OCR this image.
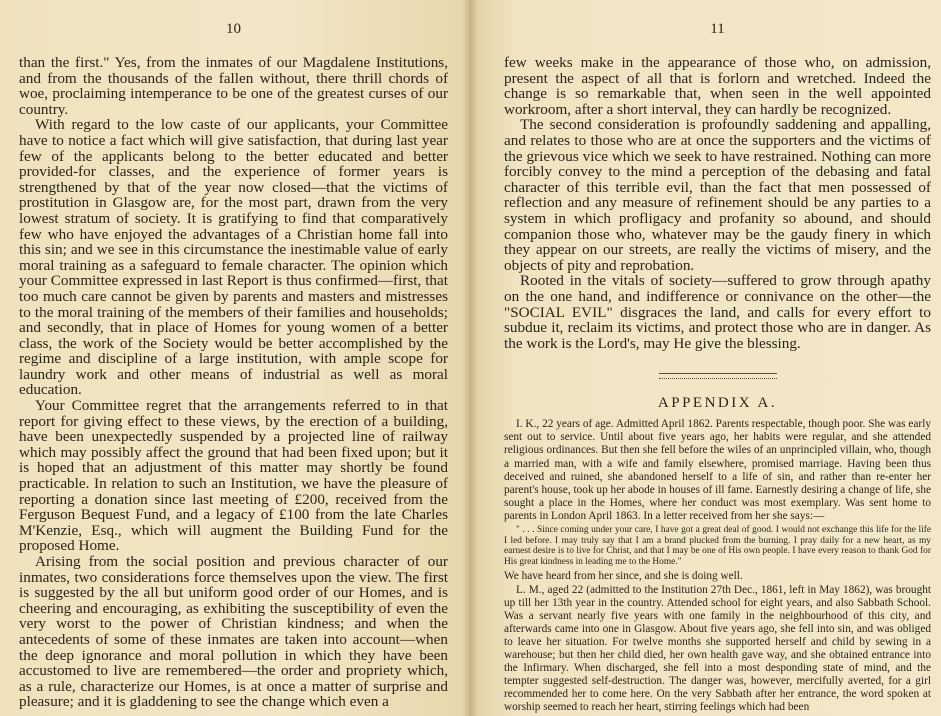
10

than the first." Yes, from the inmates of our Magdalene Institutions, and from the thousands of the fallen without, there thrill chords of woe, proclaiming intemperance to be one of the greatest curses of our country.

With regard to the low caste of our applicants, your Committee have to notice a fact which will give satisfaction, that during last year few of the applicants belong to the better educated and better provided-for classes, and the experience of former years is strengthened by that of the year now closed—that the victims of prostitution in Glasgow are, for the most part, drawn from the very lowest stratum of society. It is gratifying to find that comparatively few who have enjoyed the advantages of a Christian home fall into this sin; and we see in this circumstance the inestimable value of early moral training as a safeguard to female character. The opinion which your Committee expressed in last Report is thus confirmed—first, that too much care cannot be given by parents and masters and mistresses to the moral training of the members of their families and households; and secondly, that in place of Homes for young women of a better class, the work of the Society would be better accomplished by the regime and discipline of a large institution, with ample scope for laundry work and other means of industrial as well as moral education.

Your Committee regret that the arrangements referred to in that report for giving effect to these views, by the erection of a building, have been unexpectedly suspended by a projected line of railway which may possibly affect the ground that had been fixed upon; but it is hoped that an adjustment of this matter may shortly be found practicable. In relation to such an Institution, we have the pleasure of reporting a donation since last meeting of £200, received from the Ferguson Bequest Fund, and a legacy of £100 from the late Charles M'Kenzie, Esq., which will augment the Building Fund for the proposed Home.

Arising from the social position and previous character of our inmates, two considerations force themselves upon the view. The first is suggested by the all but uniform good order of our Homes, and is cheering and encouraging, as exhibiting the susceptibility of even the very worst to the power of Christian kindness; and when the antecedents of some of these inmates are taken into account—when the deep ignorance and moral pollution in which they have been accustomed to live are remembered—the order and propriety which, as a rule, characterize our Homes, is at once a matter of surprise and pleasure; and it is gladdening to see the change which even a

11

few weeks make in the appearance of those who, on admission, present the aspect of all that is forlorn and wretched. Indeed the change is so remarkable that, when seen in the well appointed workroom, after a short interval, they can hardly be recognized.

The second consideration is profoundly saddening and appalling, and relates to those who are at once the supporters and the victims of the grievous vice which we seek to have restrained. Nothing can more forcibly convey to the mind a perception of the debasing and fatal character of this terrible evil, than the fact that men possessed of reflection and any measure of refinement should be any parties to a system in which profligacy and profanity so abound, and should companion those who, whatever may be the gaudy finery in which they appear on our streets, are really the victims of misery, and the objects of pity and reprobation.

Rooted in the vitals of society—suffered to grow through apathy on the one hand, and indifference or connivance on the other—the "SOCIAL EVIL" disgraces the land, and calls for every effort to subdue it, reclaim its victims, and protect those who are in danger. As the work is the Lord's, may He give the blessing.

APPENDIX A.

I. K., 22 years of age. Admitted April 1862. Parents respectable, though poor. She was early sent out to service. Until about five years ago, her habits were regular, and she attended religious ordinances. But then she fell before the wiles of an unprincipled villain, who, though a married man, with a wife and family elsewhere, promised marriage. Having been thus deceived and ruined, she abandoned herself to a life of sin, and rather than re-enter her parent's house, took up her abode in houses of ill fame. Earnestly desiring a change of life, she sought a place in the Homes, where her conduct was most exemplary. Was sent home to parents in London April 1863. In a letter received from her she says:—

" . . . Since coming under your care, I have got a great deal of good. I would not exchange this life for the life I led before. I may truly say that I am a brand plucked from the burning. I pray daily for a new heart, as my earnest desire is to live for Christ, and that I may be one of His own people. I have every reason to thank God for His great kindness in leading me to the Home."

We have heard from her since, and she is doing well.

L. M., aged 22 (admitted to the Institution 27th Dec., 1861, left in May 1862), was brought up till her 13th year in the country. Attended school for eight years, and also Sabbath School. Was a servant nearly five years with one family in the neighbourhood of this city, and afterwards came into one in Glasgow. About five years ago, she fell into sin, and was obliged to leave her situation. For twelve months she supported herself and child by sewing in a warehouse; but then her child died, her own health gave way, and she obtained entrance into the Infirmary. When discharged, she fell into a most desponding state of mind, and the tempter suggested self-destruction. The danger was, however, mercifully averted, for a girl recommended her to come here. On the very Sabbath after her entrance, the word spoken at worship seemed to reach her heart, stirring feelings which had been
